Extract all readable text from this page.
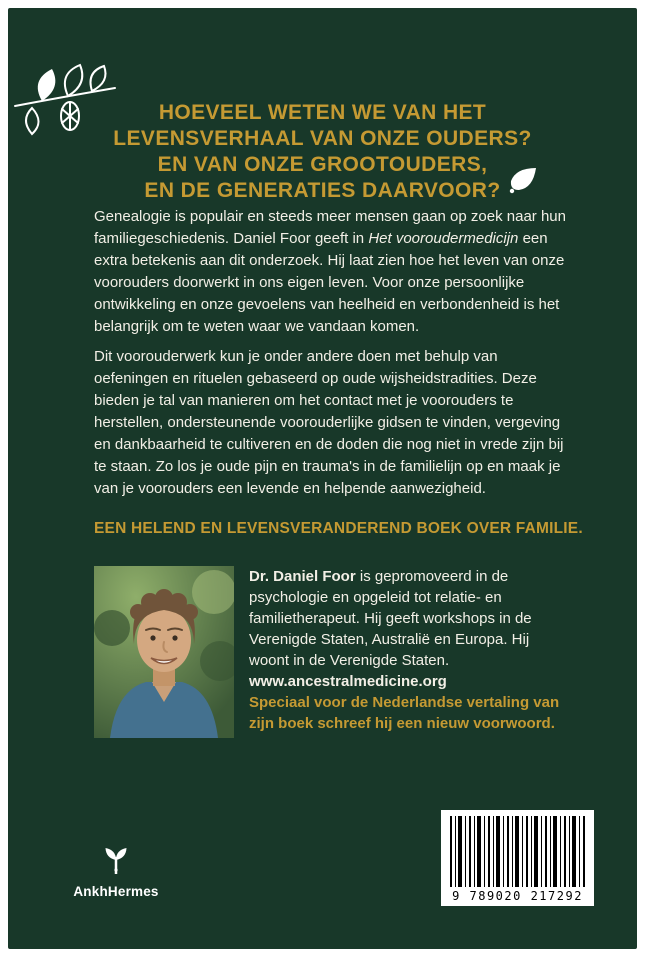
HOEVEEL WETEN WE VAN HET
LEVENSVERHAAL VAN ONZE OUDERS?
EN VAN ONZE GROOTOUDERS,
EN DE GENERATIES DAARVOOR?

Genealogie is populair en steeds meer mensen gaan op zoek naar hun familiegeschiedenis. Daniel Foor geeft in Het vooroudermedicijn een extra betekenis aan dit onderzoek. Hij laat zien hoe het leven van onze voorouders doorwerkt in ons eigen leven. Voor onze persoonlijke ontwikkeling en onze gevoelens van heelheid en verbondenheid is het belangrijk om te weten waar we vandaan komen.

Dit voorouderwerk kun je onder andere doen met behulp van oefeningen en rituelen gebaseerd op oude wijsheidstradities. Deze bieden je tal van manieren om het contact met je voorouders te herstellen, ondersteunende voorouderlijke gidsen te vinden, vergeving en dankbaarheid te cultiveren en de doden die nog niet in vrede zijn bij te staan. Zo los je oude pijn en trauma's in de familielijn op en maak je van je voorouders een levende en helpende aanwezigheid.

EEN HELEND EN LEVENSVERANDEREND BOEK OVER FAMILIE.

Dr. Daniel Foor is gepromoveerd in de psychologie en opgeleid tot relatie- en familietherapeut. Hij geeft workshops in de Verenigde Staten, Australië en Europa. Hij woont in de Verenigde Staten.
www.ancestralmedicine.org
Speciaal voor de Nederlandse vertaling van zijn boek schreef hij een nieuw voorwoord.

AnkhHermes	9 789020 217292
